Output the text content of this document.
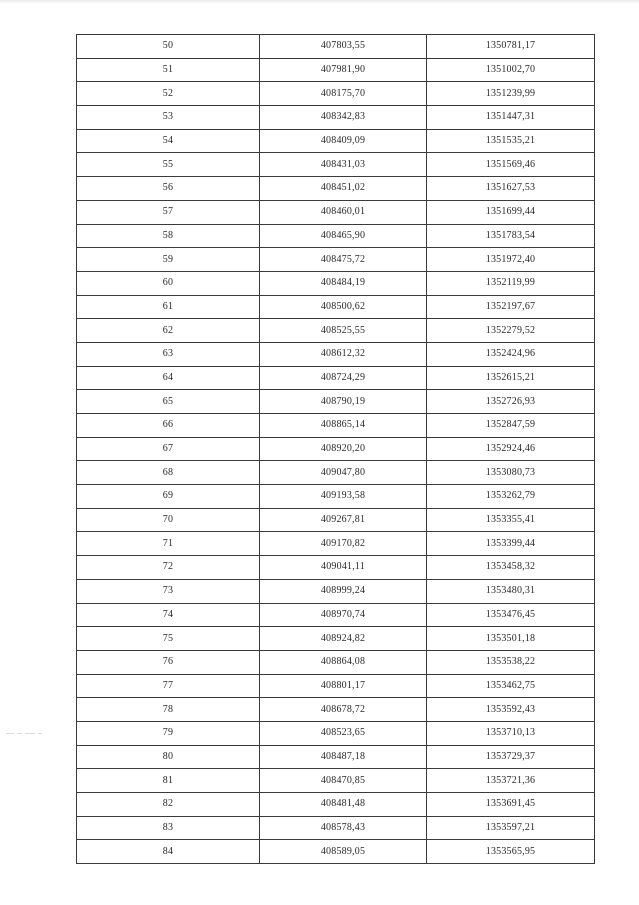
50	407803,55	1350781,17
51	407981,90	1351002,70
52	408175,70	1351239,99
53	408342,83	1351447,31
54	408409,09	1351535,21
55	408431,03	1351569,46
56	408451,02	1351627,53
57	408460,01	1351699,44
58	408465,90	1351783,54
59	408475,72	1351972,40
60	408484,19	1352119,99
61	408500,62	1352197,67
62	408525,55	1352279,52
63	408612,32	1352424,96
64	408724,29	1352615,21
65	408790,19	1352726,93
66	408865,14	1352847,59
67	408920,20	1352924,46
68	409047,80	1353080,73
69	409193,58	1353262,79
70	409267,81	1353355,41
71	409170,82	1353399,44
72	409041,11	1353458,32
73	408999,24	1353480,31
74	408970,74	1353476,45
75	408924,82	1353501,18
76	408864,08	1353538,22
77	408801,17	1353462,75
78	408678,72	1353592,43
79	408523,65	1353710,13
80	408487,18	1353729,37
81	408470,85	1353721,36
82	408481,48	1353691,45
83	408578,43	1353597,21
84	408589,05	1353565,95
